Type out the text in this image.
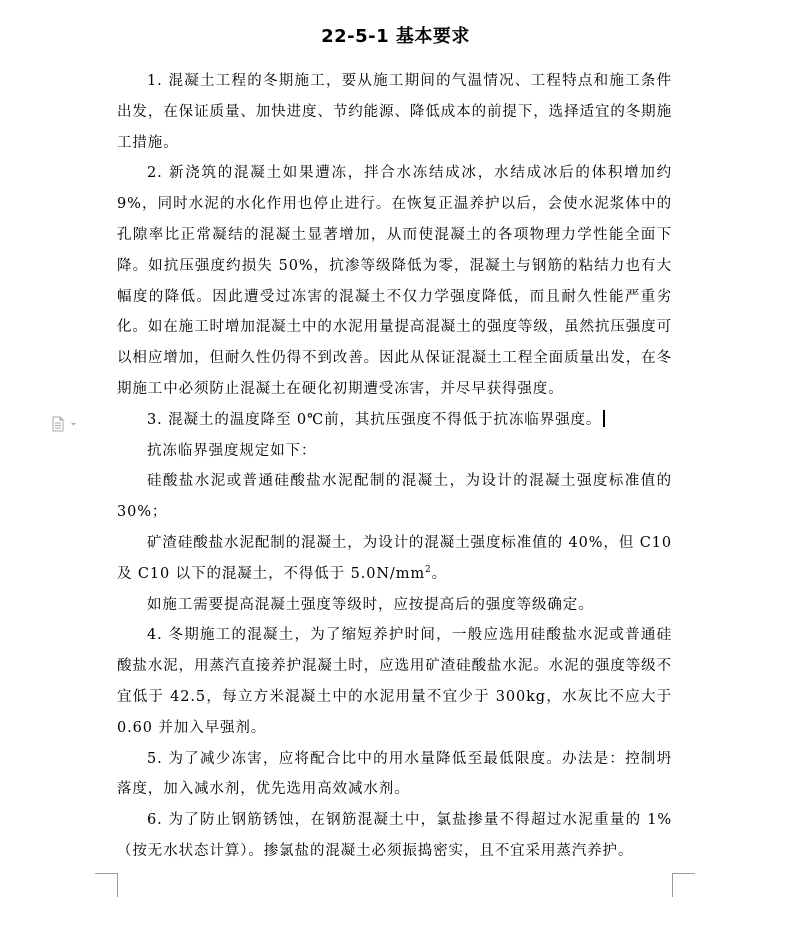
22-5-1 基本要求

1. 混凝土工程的冬期施工，要从施工期间的气温情况、工程特点和施工条件出发，在保证质量、加快进度、节约能源、降低成本的前提下，选择适宜的冬期施工措施。

2. 新浇筑的混凝土如果遭冻，拌合水冻结成冰，水结成冰后的体积增加约9%，同时水泥的水化作用也停止进行。在恢复正温养护以后，会使水泥浆体中的孔隙率比正常凝结的混凝土显著增加，从而使混凝土的各项物理力学性能全面下降。如抗压强度约损失 50%，抗渗等级降低为零，混凝土与钢筋的粘结力也有大幅度的降低。因此遭受过冻害的混凝土不仅力学强度降低，而且耐久性能严重劣化。如在施工时增加混凝土中的水泥用量提高混凝土的强度等级，虽然抗压强度可以相应增加，但耐久性仍得不到改善。因此从保证混凝土工程全面质量出发，在冬期施工中必须防止混凝土在硬化初期遭受冻害，并尽早获得强度。

3. 混凝土的温度降至 0℃前，其抗压强度不得低于抗冻临界强度。

抗冻临界强度规定如下：

硅酸盐水泥或普通硅酸盐水泥配制的混凝土，为设计的混凝土强度标准值的30%；

矿渣硅酸盐水泥配制的混凝土，为设计的混凝土强度标准值的 40%，但 C10 及 C10 以下的混凝土，不得低于 $5.0N/mm^2$。

如施工需要提高混凝土强度等级时，应按提高后的强度等级确定。

4. 冬期施工的混凝土，为了缩短养护时间，一般应选用硅酸盐水泥或普通硅酸盐水泥，用蒸汽直接养护混凝土时，应选用矿渣硅酸盐水泥。水泥的强度等级不宜低于 42.5，每立方米混凝土中的水泥用量不宜少于 300kg，水灰比不应大于 0.60 并加入早强剂。

5. 为了减少冻害，应将配合比中的用水量降低至最低限度。办法是：控制坍落度，加入减水剂，优先选用高效减水剂。

6. 为了防止钢筋锈蚀，在钢筋混凝土中，氯盐掺量不得超过水泥重量的 1%（按无水状态计算）。掺氯盐的混凝土必须振捣密实，且不宜采用蒸汽养护。
